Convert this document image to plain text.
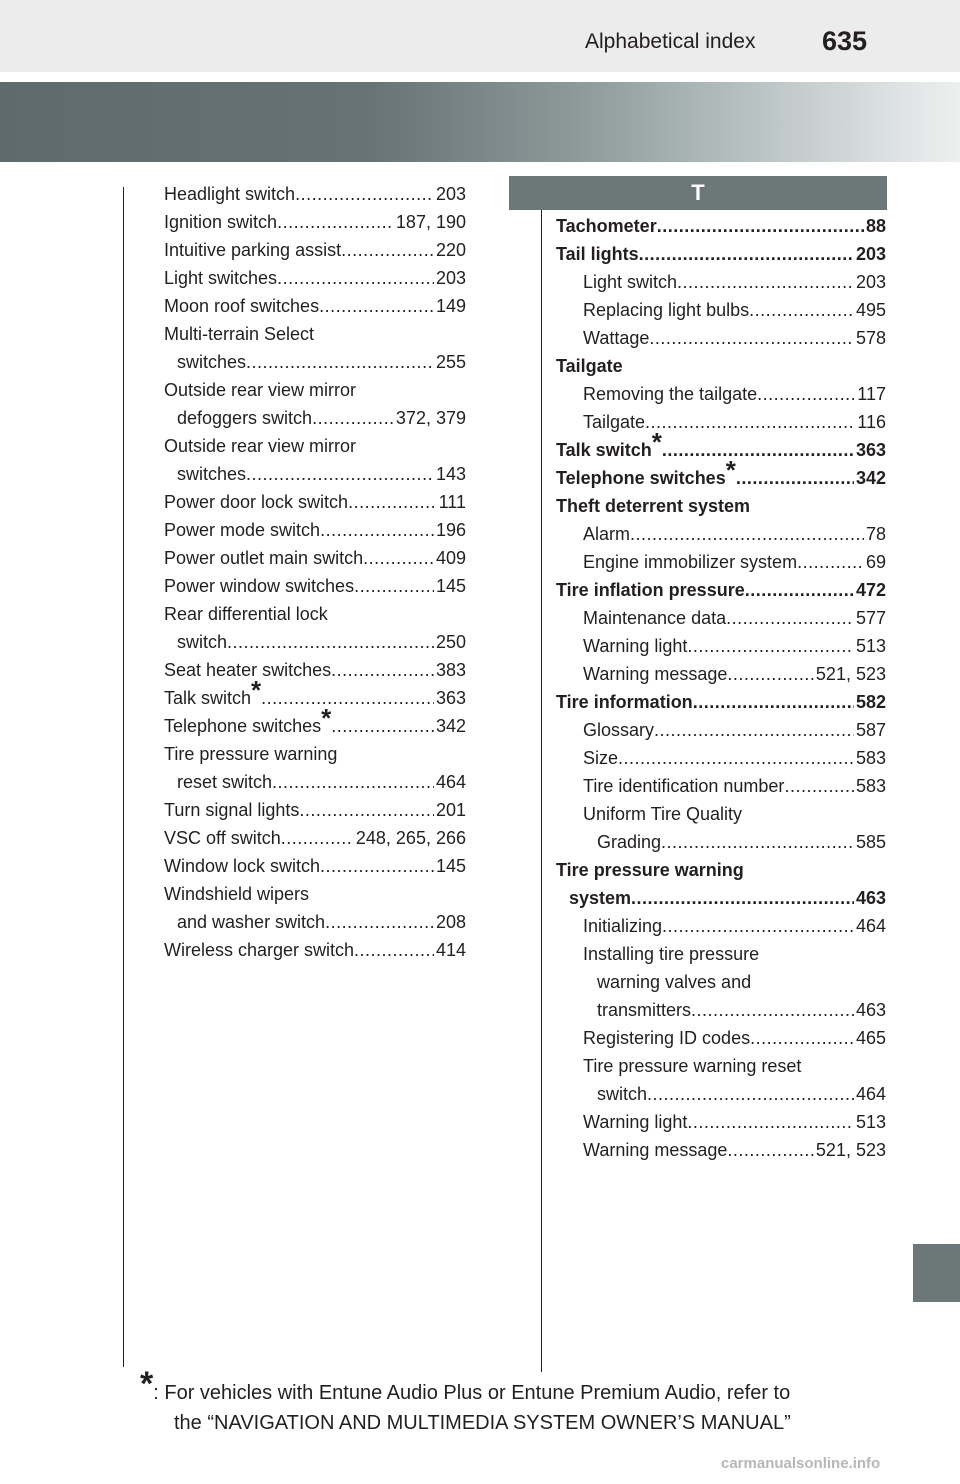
Alphabetical index 635
Headlight switch .....	203
Ignition switch .....	187, 190
Intuitive parking assist .....	220
Light switches .....	203
Moon roof switches .....	149
Multi-terrain Select
switches .....	255
Outside rear view mirror
defoggers switch .....	372, 379
Outside rear view mirror
switches .....	143
Power door lock switch .....	111
Power mode switch .....	196
Power outlet main switch .....	409
Power window switches .....	145
Rear differential lock
switch .....	250
Seat heater switches .....	383
Talk switch* .....	363
Telephone switches* .....	342
Tire pressure warning
reset switch .....	464
Turn signal lights .....	201
VSC off switch .....	248, 265, 266
Window lock switch .....	145
Windshield wipers
and washer switch .....	208
Wireless charger switch .....	414
T
Tachometer .....	88
Tail lights .....	203
Light switch .....	203
Replacing light bulbs .....	495
Wattage .....	578
Tailgate
Removing the tailgate .....	117
Tailgate .....	116
Talk switch* .....	363
Telephone switches* .....	342
Theft deterrent system
Alarm .....	78
Engine immobilizer system .....	69
Tire inflation pressure .....	472
Maintenance data .....	577
Warning light .....	513
Warning message .....	521, 523
Tire information .....	582
Glossary .....	587
Size .....	583
Tire identification number .....	583
Uniform Tire Quality
Grading .....	585
Tire pressure warning
system .....	463
Initializing .....	464
Installing tire pressure
warning valves and
transmitters .....	463
Registering ID codes .....	465
Tire pressure warning reset
switch .....	464
Warning light .....	513
Warning message .....	521, 523
*: For vehicles with Entune Audio Plus or Entune Premium Audio, refer to
the “NAVIGATION AND MULTIMEDIA SYSTEM OWNER’S MANUAL”
carmanualsonline.info
